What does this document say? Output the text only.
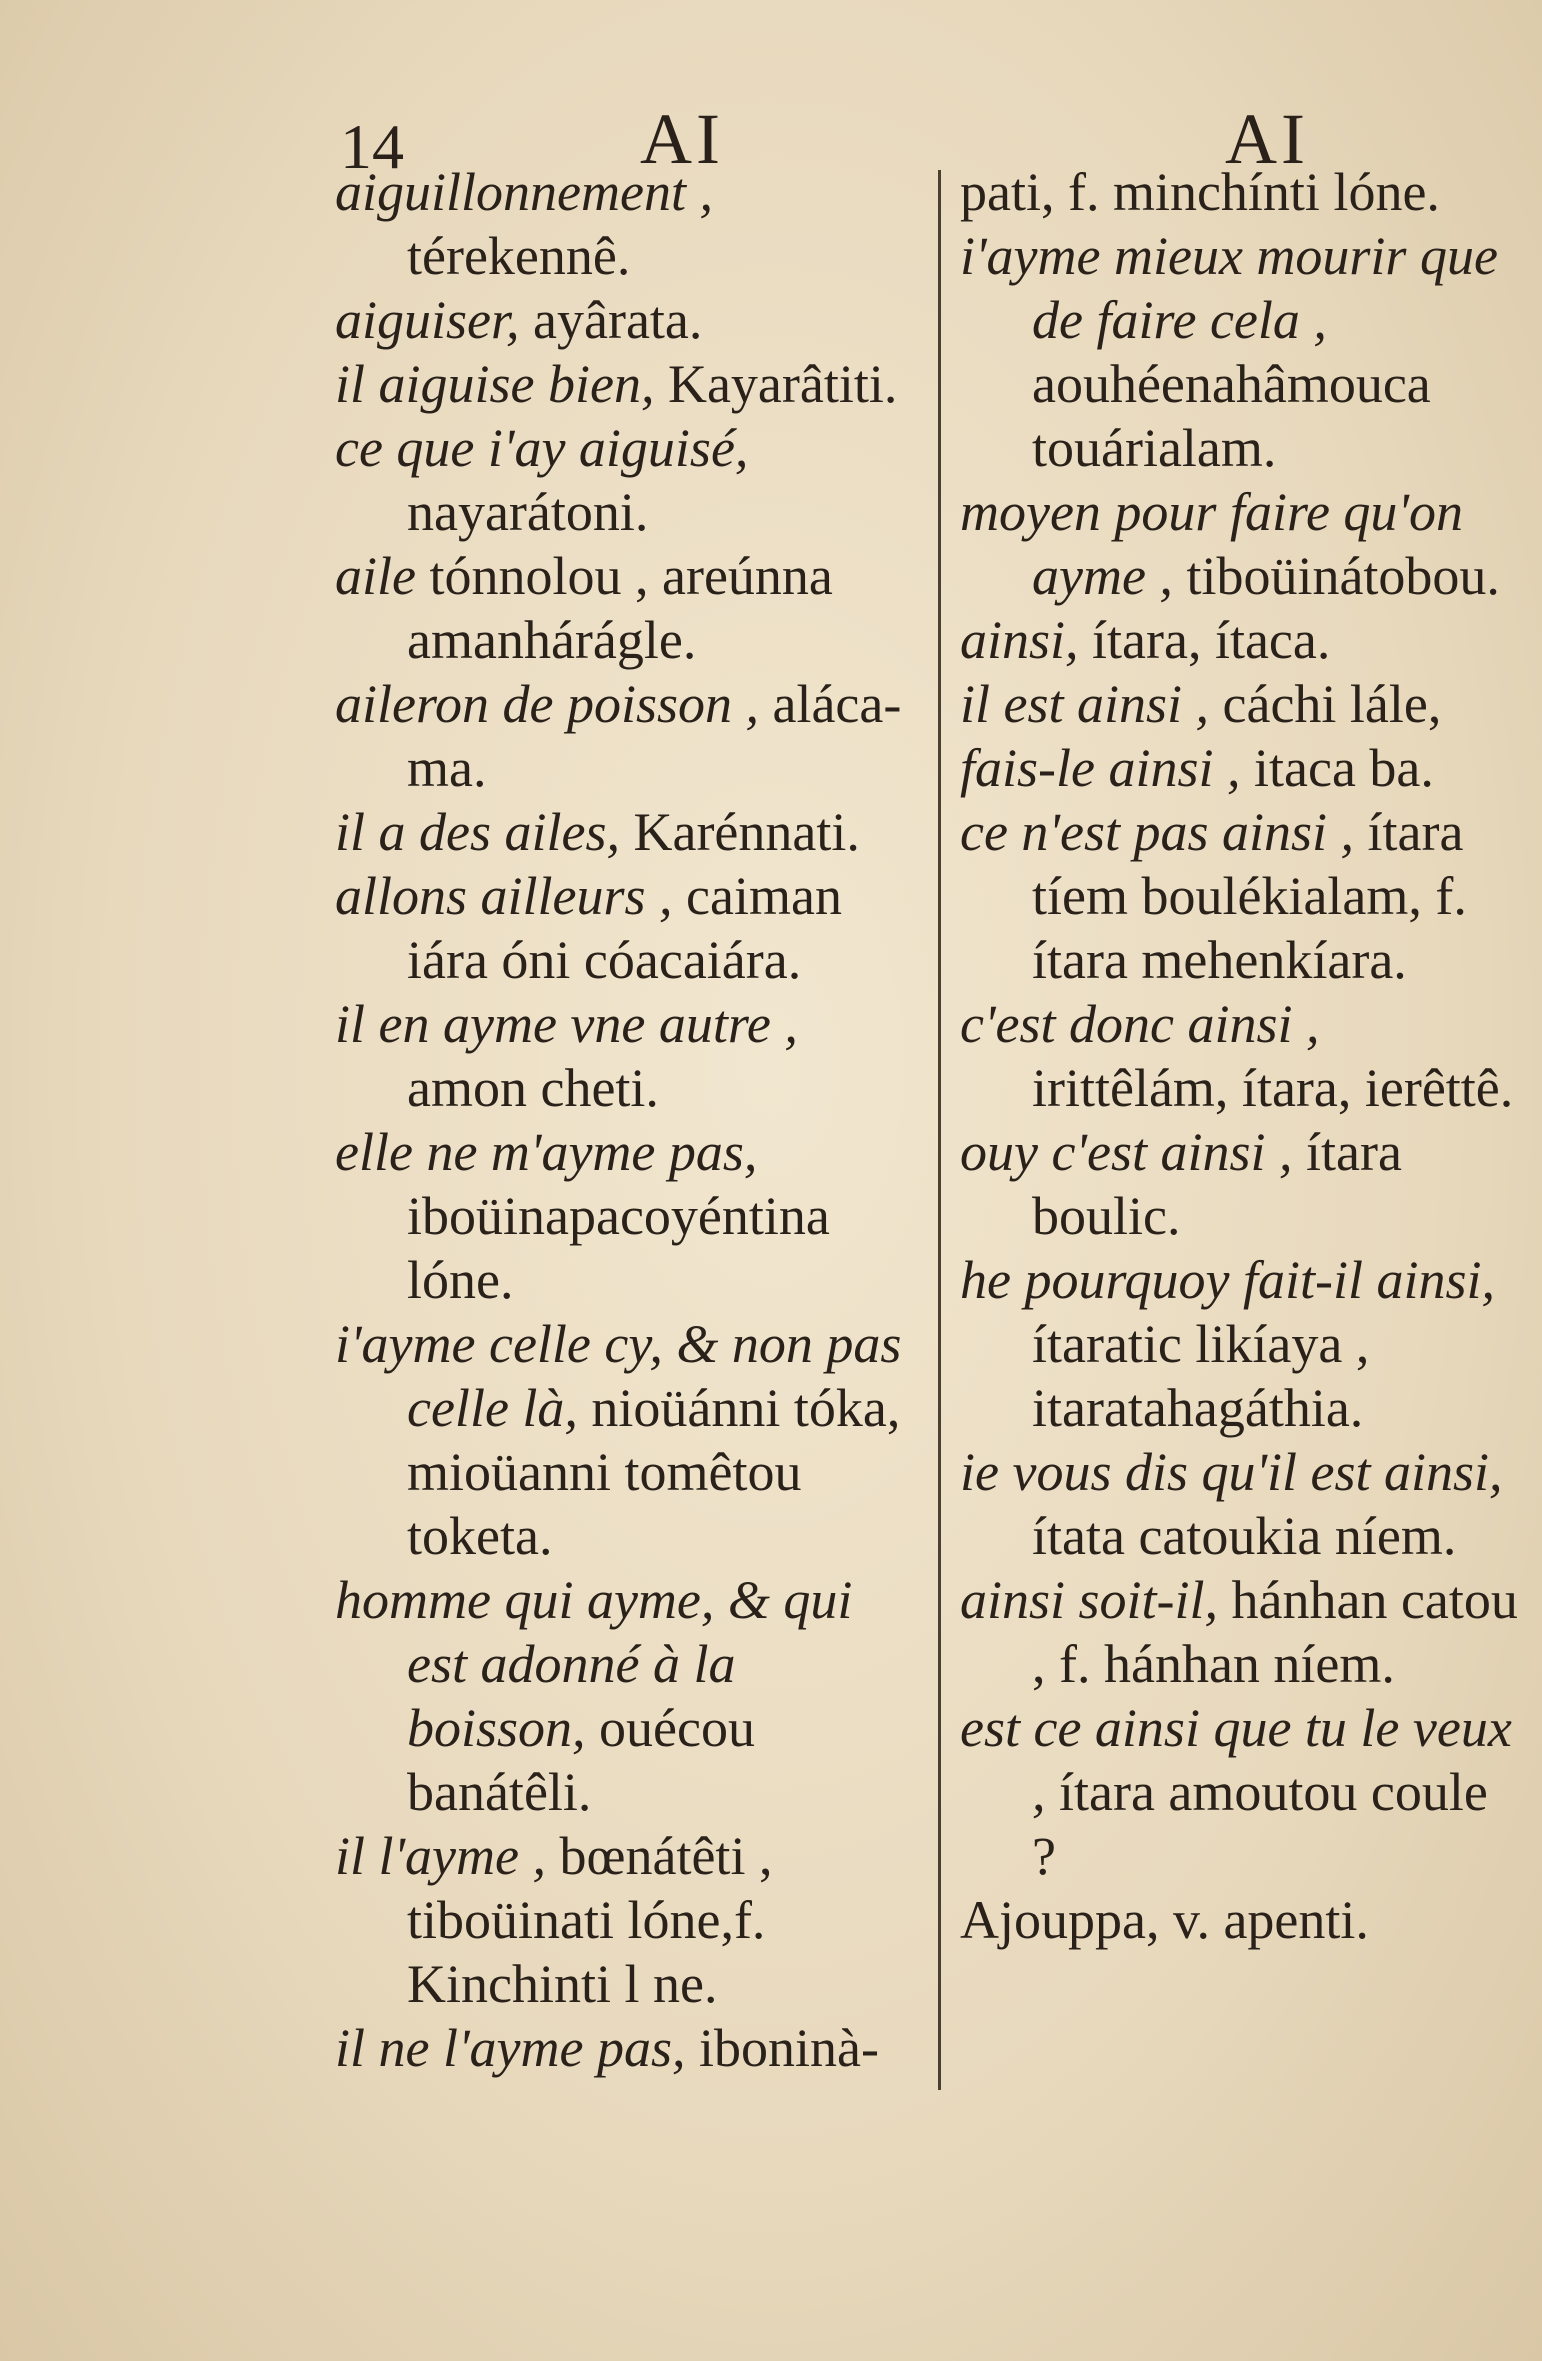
14	AI	AI

aiguillonnement , térekennê.

aiguiser, ayârata.

il aiguise bien, Kayarâtiti.

ce que i'ay aiguisé, nayarátoni.

aile tónnolou , areúnna amanhárágle.

aileron de poisson , aláca-ma.

il a des ailes, Karénnati.

allons ailleurs , caiman iára óni cóacaiára.

il en ayme vne autre , amon cheti.

elle ne m'ayme pas, iboüinapacoyéntina lóne.

i'ayme celle cy, & non pas celle là, nioüánni tóka, mioüanni tomêtou toketa.

homme qui ayme, & qui est adonné à la boisson, ouécou banátêli.

il l'ayme , bœnátêti , tiboüinati lóne,f. Kinchinti l ne.

il ne l'ayme pas, iboninà-

pati, f. minchínti lóne.

i'ayme mieux mourir que de faire cela , aouhéenahâmouca touárialam.

moyen pour faire qu'on ayme , tiboüinátobou.

ainsi, ítara, ítaca.

il est ainsi , cáchi lále,

fais-le ainsi , itaca ba.

ce n'est pas ainsi , ítara tíem boulékialam, f. ítara mehenkíara.

c'est donc ainsi , irittêlám, ítara, ierêttê.

ouy c'est ainsi , ítara boulic.

he pourquoy fait-il ainsi, ítaratic likíaya , itaratahagáthia.

ie vous dis qu'il est ainsi, ítata catoukia níem.

ainsi soit-il, hánhan catou , f. hánhan níem.

est ce ainsi que tu le veux , ítara amoutou coule ?

Ajouppa, v. apenti.
